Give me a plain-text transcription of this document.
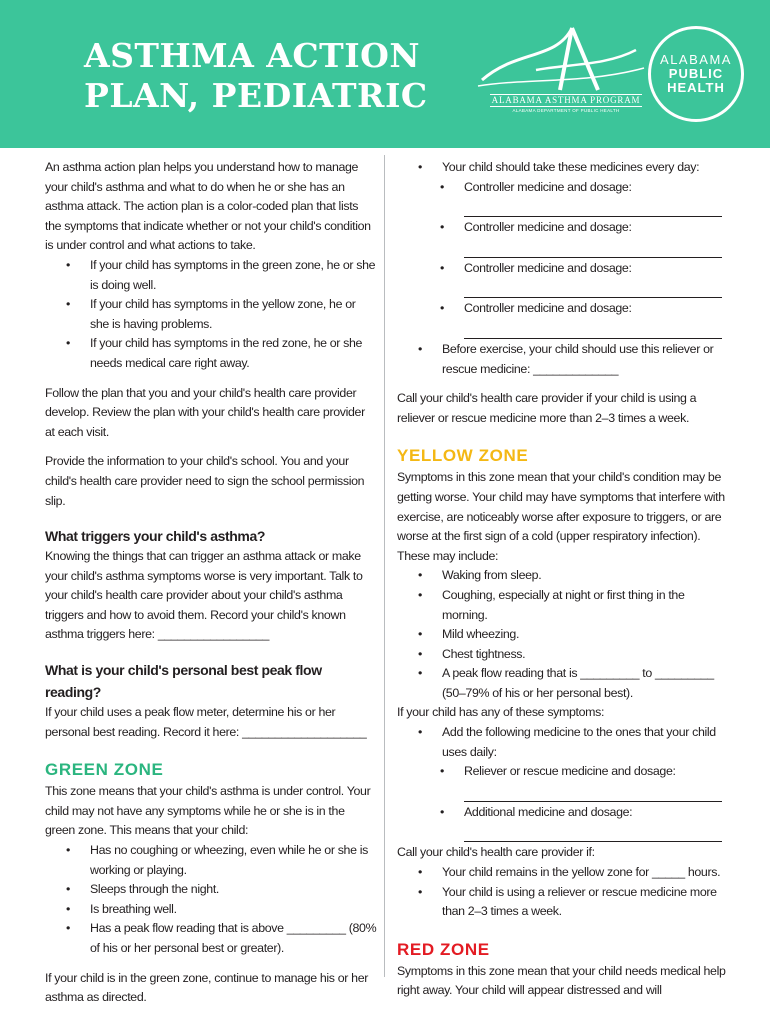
ASTHMA ACTION
PLAN, PEDIATRIC	ALABAMA ASTHMA PROGRAM
ALABAMA DEPARTMENT OF PUBLIC HEALTH
ALABAMA
PUBLIC
HEALTH

An asthma action plan helps you understand how to manage your child's asthma and what to do when he or she has an asthma attack. The action plan is a color-coded plan that lists the symptoms that indicate whether or not your child's condition is under control and what actions to take.

• If your child has symptoms in the green zone, he or she is doing well.
• If your child has symptoms in the yellow zone, he or she is having problems.
• If your child has symptoms in the red zone, he or she needs medical care right away.

Follow the plan that you and your child's health care provider develop. Review the plan with your child's health care provider at each visit.

Provide the information to your child's school. You and your child's health care provider need to sign the school permission slip.

What triggers your child's asthma?

Knowing the things that can trigger an asthma attack or make your child's asthma symptoms worse is very important. Talk to your child's health care provider about your child's asthma triggers and how to avoid them. Record your child's known asthma triggers here: _________________

What is your child's personal best peak flow reading?

If your child uses a peak flow meter, determine his or her personal best reading. Record it here: ___________________

GREEN ZONE

This zone means that your child's asthma is under control. Your child may not have any symptoms while he or she is in the green zone. This means that your child:

• Has no coughing or wheezing, even while he or she is working or playing.
• Sleeps through the night.
• Is breathing well.
• Has a peak flow reading that is above _________ (80% of his or her personal best or greater).

If your child is in the green zone, continue to manage his or her asthma as directed.

• Your child should take these medicines every day:
• Controller medicine and dosage:
• Controller medicine and dosage:
• Controller medicine and dosage:
• Controller medicine and dosage:
• Before exercise, your child should use this reliever or rescue medicine: _____________

Call your child's health care provider if your child is using a reliever or rescue medicine more than 2–3 times a week.

YELLOW ZONE

Symptoms in this zone mean that your child's condition may be getting worse. Your child may have symptoms that interfere with exercise, are noticeably worse after exposure to triggers, or are worse at the first sign of a cold (upper respiratory infection). These may include:

• Waking from sleep.
• Coughing, especially at night or first thing in the morning.
• Mild wheezing.
• Chest tightness.
• A peak flow reading that is _________ to _________ (50–79% of his or her personal best).

If your child has any of these symptoms:

• Add the following medicine to the ones that your child uses daily:
• Reliever or rescue medicine and dosage:
• Additional medicine and dosage:

Call your child's health care provider if:

• Your child remains in the yellow zone for _____ hours.
• Your child is using a reliever or rescue medicine more than 2–3 times a week.
RED ZONE

Symptoms in this zone mean that your child needs medical help right away. Your child will appear distressed and will
